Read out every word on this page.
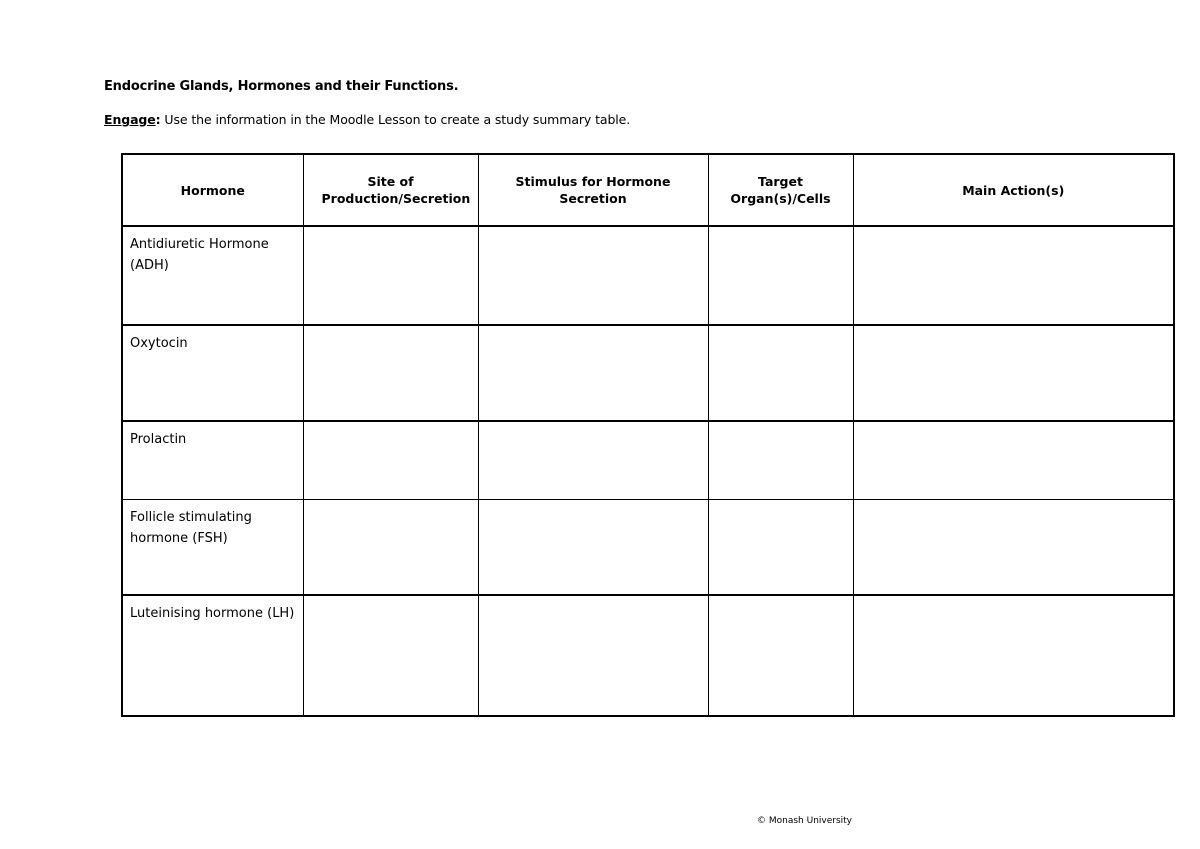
Endocrine Glands, Hormones and their Functions.
Engage: Use the information in the Moodle Lesson to create a study summary table.
Hormone	Site of Production/Secretion	Stimulus for Hormone Secretion	Target Organ(s)/Cells	Main Action(s)
Antidiuretic Hormone (ADH)				
Oxytocin				
Prolactin				
Follicle stimulating hormone (FSH)				
Luteinising hormone (LH)				
© Monash University
